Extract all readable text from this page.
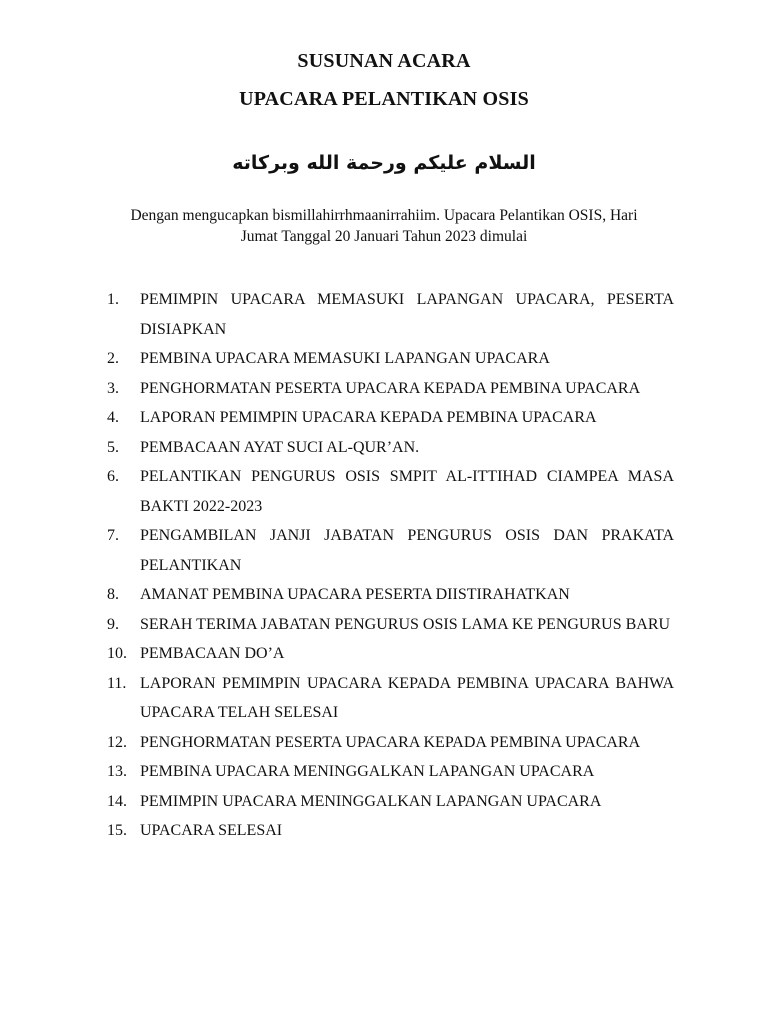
SUSUNAN ACARA
UPACARA PELANTIKAN OSIS
السلام عليكم ورحمة الله وبركاته
Dengan mengucapkan bismillahirrhmaanirrahiim. Upacara Pelantikan OSIS, Hari
Jumat Tanggal 20 Januari Tahun 2023 dimulai
1.	PEMIMPIN UPACARA MEMASUKI LAPANGAN UPACARA, PESERTA DISIAPKAN
2.	PEMBINA UPACARA MEMASUKI LAPANGAN UPACARA
3.	PENGHORMATAN PESERTA UPACARA KEPADA PEMBINA UPACARA
4.	LAPORAN PEMIMPIN UPACARA KEPADA PEMBINA UPACARA
5.	PEMBACAAN AYAT SUCI AL-QUR’AN.
6.	PELANTIKAN PENGURUS OSIS SMPIT AL-ITTIHAD CIAMPEA MASA BAKTI 2022-2023
7.	PENGAMBILAN JANJI JABATAN PENGURUS OSIS DAN PRAKATA PELANTIKAN
8.	AMANAT PEMBINA UPACARA PESERTA DIISTIRAHATKAN
9.	SERAH TERIMA JABATAN PENGURUS OSIS LAMA KE PENGURUS BARU
10. PEMBACAAN DO’A
11. LAPORAN PEMIMPIN UPACARA KEPADA PEMBINA UPACARA BAHWA UPACARA TELAH SELESAI
12. PENGHORMATAN PESERTA UPACARA KEPADA PEMBINA UPACARA
13. PEMBINA UPACARA MENINGGALKAN LAPANGAN UPACARA
14. PEMIMPIN UPACARA MENINGGALKAN LAPANGAN UPACARA
15. UPACARA SELESAI
